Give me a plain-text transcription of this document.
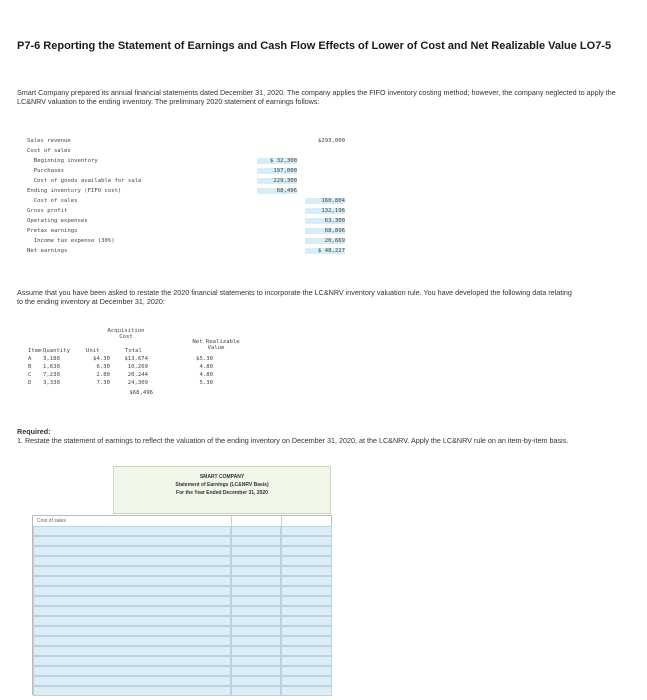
P7-6 Reporting the Statement of Earnings and Cash Flow Effects of Lower of Cost and Net Realizable Value LO7-5
Smart Company prepared its annual financial statements dated December 31, 2020. The company applies the FIFO inventory costing method; however, the company neglected to apply the LC&NRV valuation to the ending inventory. The preliminary 2020 statement of earnings follows:
Sales revenue	$293,000
Cost of sales
Beginning inventory	$ 32,300
Purchases	197,000
Cost of goods available for sale	229,300
Ending inventory (FIFO cost)	68,496
Cost of sales	160,804
Gross profit	132,196
Operating expenses	63,300
Pretax earnings	68,896
Income tax expense (30%)	20,669
Net earnings	$ 48,227
Assume that you have been asked to restate the 2020 financial statements to incorporate the LC&NRV inventory valuation rule. You have developed the following data relating to the ending inventory at December 31, 2020:
Acquisition
Cost
Net Realizable
Value
Item Quantity	Unit	Total
A 3,180	$4.30	$13,674	$5.30
B 1,630	6.30	10,269	4.80
C 7,230	2.80	20,244	4.80
D 3,330	7.30	24,309	5.30
$68,496
Required:
1. Restate the statement of earnings to reflect the valuation of the ending inventory on December 31, 2020, at the LC&NRV. Apply the LC&NRV rule on an item-by-item basis.
SMART COMPANY
Statement of Earnings (LC&NRV Basis)
For the Year Ended December 31, 2020
Cost of sales
